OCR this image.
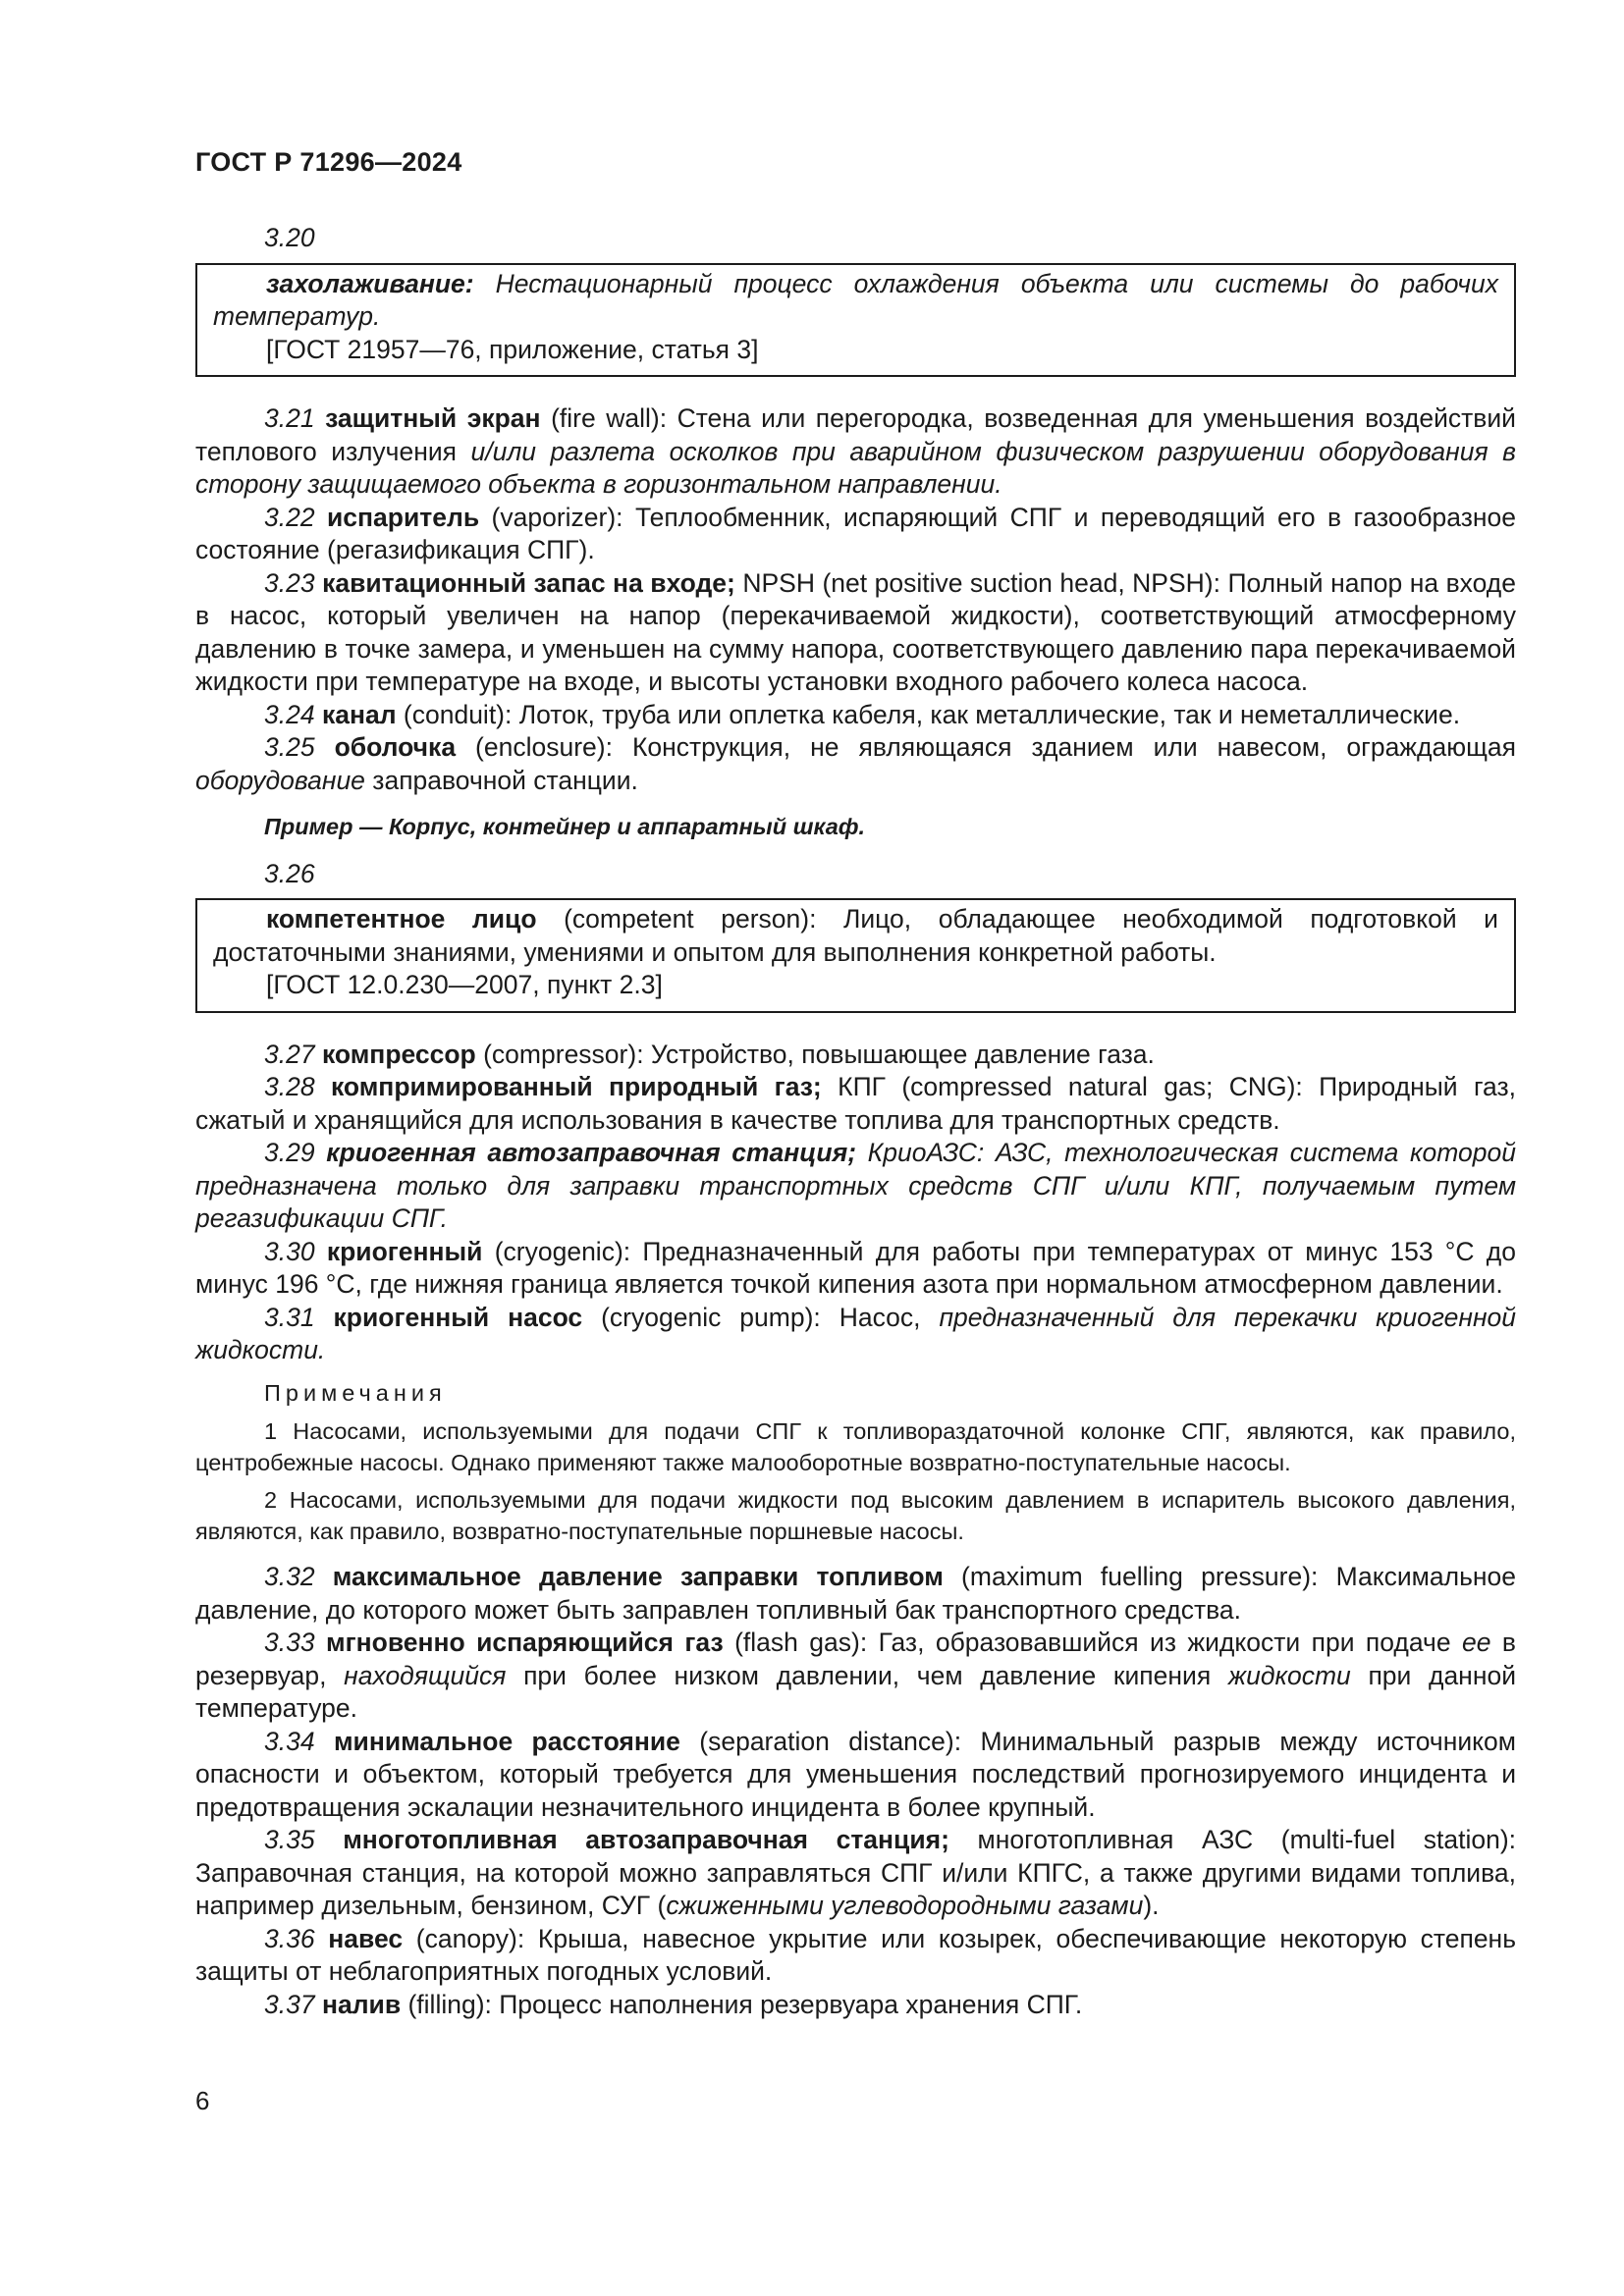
ГОСТ Р 71296—2024
3.20

захолаживание: Нестационарный процесс охлаждения объекта или системы до рабочих температур.

[ГОСТ 21957—76, приложение, статья 3]

3.21 защитный экран (fire wall): Стена или перегородка, возведенная для уменьшения воздействий теплового излучения и/или разлета осколков при аварийном физическом разрушении оборудования в сторону защищаемого объекта в горизонтальном направлении.

3.22 испаритель (vaporizer): Теплообменник, испаряющий СПГ и переводящий его в газообразное состояние (регазификация СПГ).

3.23 кавитационный запас на входе; NPSH (net positive suction head, NPSH): Полный напор на входе в насос, который увеличен на напор (перекачиваемой жидкости), соответствующий атмосферному давлению в точке замера, и уменьшен на сумму напора, соответствующего давлению пара перекачиваемой жидкости при температуре на входе, и высоты установки входного рабочего колеса насоса.

3.24 канал (conduit): Лоток, труба или оплетка кабеля, как металлические, так и неметаллические.

3.25 оболочка (enclosure): Конструкция, не являющаяся зданием или навесом, ограждающая оборудование заправочной станции.

Пример — Корпус, контейнер и аппаратный шкаф.
3.26

компетентное лицо (competent person): Лицо, обладающее необходимой подготовкой и достаточными знаниями, умениями и опытом для выполнения конкретной работы.

[ГОСТ 12.0.230—2007, пункт 2.3]

3.27 компрессор (compressor): Устройство, повышающее давление газа.

3.28 компримированный природный газ; КПГ (compressed natural gas; CNG): Природный газ, сжатый и хранящийся для использования в качестве топлива для транспортных средств.

3.29 криогенная автозаправочная станция; КриоАЗС: АЗС, технологическая система которой предназначена только для заправки транспортных средств СПГ и/или КПГ, получаемым путем регазификации СПГ.

3.30 криогенный (cryogenic): Предназначенный для работы при температурах от минус 153 °С до минус 196 °С, где нижняя граница является точкой кипения азота при нормальном атмосферном давлении.

3.31 криогенный насос (cryogenic pump): Насос, предназначенный для перекачки криогенной жидкости.

Примечания

1 Насосами, используемыми для подачи СПГ к топливораздаточной колонке СПГ, являются, как правило, центробежные насосы. Однако применяют также малооборотные возвратно-поступательные насосы.

2 Насосами, используемыми для подачи жидкости под высоким давлением в испаритель высокого давления, являются, как правило, возвратно-поступательные поршневые насосы.

3.32 максимальное давление заправки топливом (maximum fuelling pressure): Максимальное давление, до которого может быть заправлен топливный бак транспортного средства.

3.33 мгновенно испаряющийся газ (flash gas): Газ, образовавшийся из жидкости при подаче ее в резервуар, находящийся при более низком давлении, чем давление кипения жидкости при данной температуре.

3.34 минимальное расстояние (separation distance): Минимальный разрыв между источником опасности и объектом, который требуется для уменьшения последствий прогнозируемого инцидента и предотвращения эскалации незначительного инцидента в более крупный.

3.35 многотопливная автозаправочная станция; многотопливная АЗС (multi-fuel station): Заправочная станция, на которой можно заправляться СПГ и/или КПГС, а также другими видами топлива, например дизельным, бензином, СУГ (сжиженными углеводородными газами).

3.36 навес (canopy): Крыша, навесное укрытие или козырек, обеспечивающие некоторую степень защиты от неблагоприятных погодных условий.

3.37 налив (filling): Процесс наполнения резервуара хранения СПГ.

6
